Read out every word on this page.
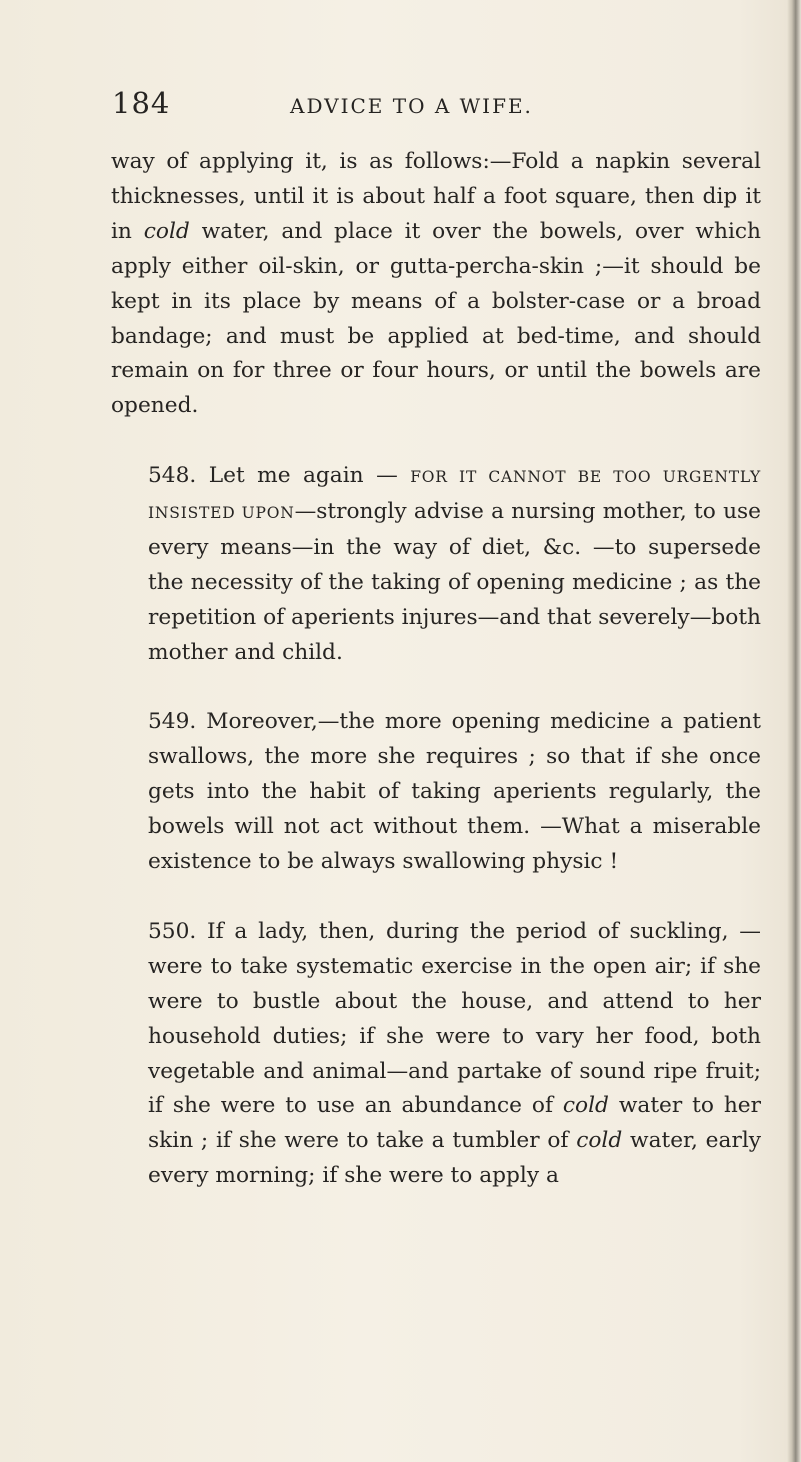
184	ADVICE TO A WIFE.

way of applying it, is as follows:—Fold a napkin several thicknesses, until it is about half a foot square, then dip it in cold water, and place it over the bowels, over which apply either oil-skin, or gutta-percha-skin ;—it should be kept in its place by means of a bolster-case or a broad bandage; and must be applied at bed-time, and should remain on for three or four hours, or until the bowels are opened.

548. Let me again — FOR IT CANNOT BE TOO URGENTLY INSISTED UPON—strongly advise a nursing mother, to use every means—in the way of diet, &c. —to supersede the necessity of the taking of opening medicine ; as the repetition of aperients injures—and that severely—both mother and child.

549. Moreover,—the more opening medicine a patient swallows, the more she requires ; so that if she once gets into the habit of taking aperients regularly, the bowels will not act without them. —What a miserable existence to be always swallowing physic !

550. If a lady, then, during the period of suckling, —were to take systematic exercise in the open air; if she were to bustle about the house, and attend to her household duties; if she were to vary her food, both vegetable and animal—and partake of sound ripe fruit; if she were to use an abundance of cold water to her skin ; if she were to take a tumbler of cold water, early every morning; if she were to apply a
